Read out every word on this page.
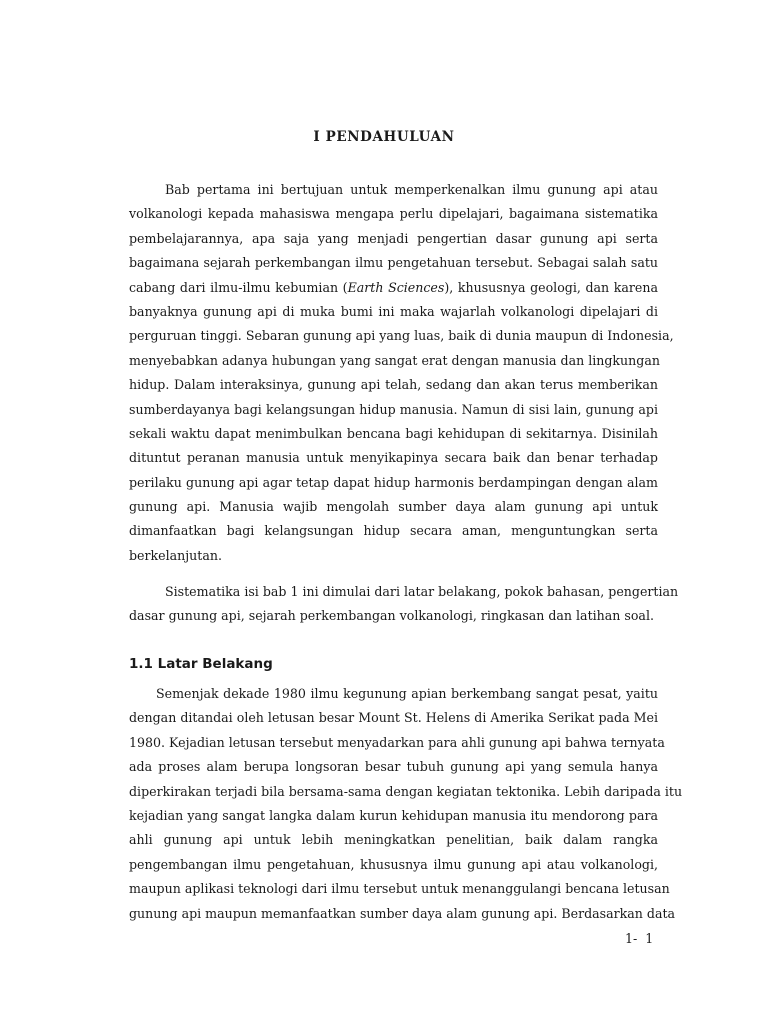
I PENDAHULUAN

Bab pertama ini bertujuan untuk memperkenalkan ilmu gunung api atau
volkanologi kepada mahasiswa mengapa perlu dipelajari, bagaimana sistematika
pembelajarannya, apa saja yang menjadi pengertian dasar gunung api serta
bagaimana sejarah perkembangan ilmu pengetahuan tersebut. Sebagai salah satu
cabang dari ilmu-ilmu kebumian (Earth Sciences), khususnya geologi, dan karena
banyaknya gunung api di muka bumi ini maka wajarlah volkanologi dipelajari di
perguruan tinggi. Sebaran gunung api yang luas, baik di dunia maupun di Indonesia,
menyebabkan adanya hubungan yang sangat erat dengan manusia dan lingkungan
hidup. Dalam interaksinya, gunung api telah, sedang dan akan terus memberikan
sumberdayanya bagi kelangsungan hidup manusia. Namun di sisi lain, gunung api
sekali waktu dapat menimbulkan bencana bagi kehidupan di sekitarnya. Disinilah
dituntut peranan manusia untuk menyikapinya secara baik dan benar terhadap
perilaku gunung api agar tetap dapat hidup harmonis berdampingan dengan alam
gunung api. Manusia wajib mengolah sumber daya alam gunung api untuk
dimanfaatkan bagi kelangsungan hidup secara aman, menguntungkan serta
berkelanjutan.

Sistematika isi bab 1 ini dimulai dari latar belakang, pokok bahasan, pengertian
dasar gunung api, sejarah perkembangan volkanologi, ringkasan dan latihan soal.

1.1 Latar Belakang

Semenjak dekade 1980 ilmu kegunung apian berkembang sangat pesat, yaitu
dengan ditandai oleh letusan besar Mount St. Helens di Amerika Serikat pada Mei
1980. Kejadian letusan tersebut menyadarkan para ahli gunung api bahwa ternyata
ada proses alam berupa longsoran besar tubuh gunung api yang semula hanya
diperkirakan terjadi bila bersama-sama dengan kegiatan tektonika. Lebih daripada itu
kejadian yang sangat langka dalam kurun kehidupan manusia itu mendorong para
ahli gunung api untuk lebih meningkatkan penelitian, baik dalam rangka
pengembangan ilmu pengetahuan, khususnya ilmu gunung api atau volkanologi,
maupun aplikasi teknologi dari ilmu tersebut untuk menanggulangi bencana letusan
gunung api maupun memanfaatkan sumber daya alam gunung api. Berdasarkan data

1-  1
